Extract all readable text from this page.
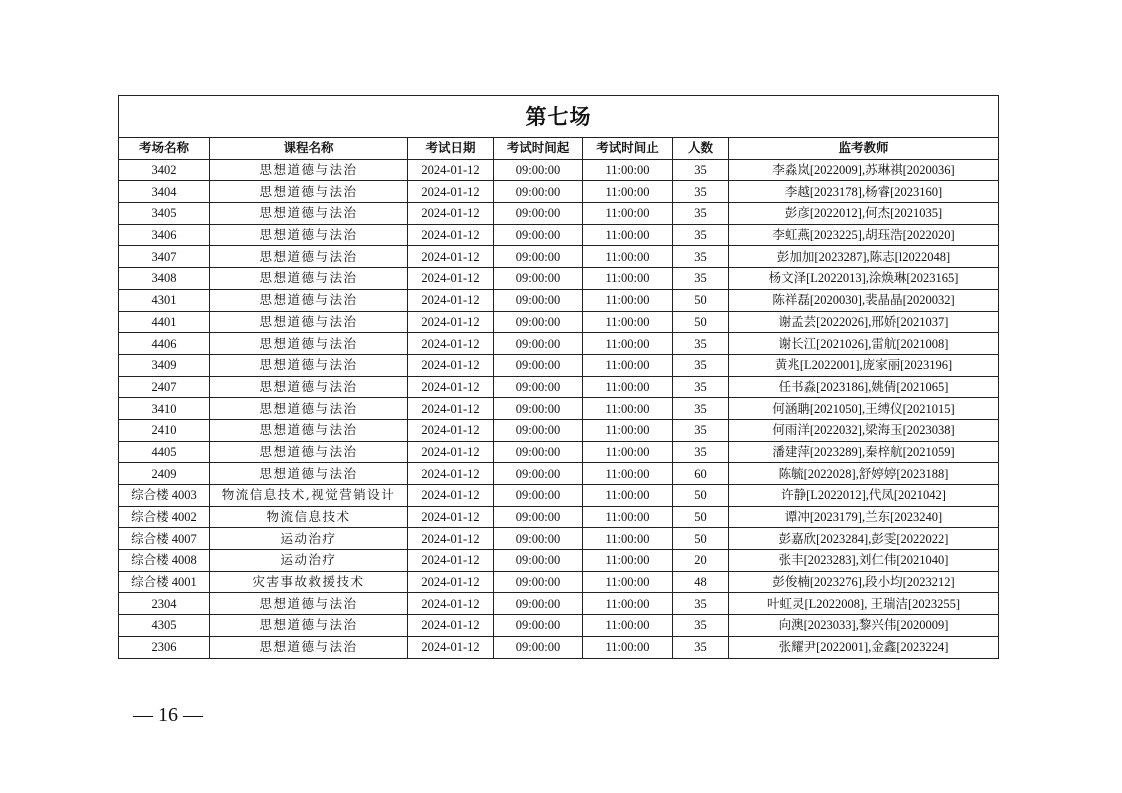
第七场						
考场名称	课程名称	考试日期	考试时间起	考试时间止	人数	监考教师
3402	思想道德与法治	2024-01-12	09:00:00	11:00:00	35	李淼岚[2022009],苏琳祺[2020036]
3404	思想道德与法治	2024-01-12	09:00:00	11:00:00	35	李越[2023178],杨睿[2023160]
3405	思想道德与法治	2024-01-12	09:00:00	11:00:00	35	彭彦[2022012],何杰[2021035]
3406	思想道德与法治	2024-01-12	09:00:00	11:00:00	35	李虹燕[2023225],胡珏浩[2022020]
3407	思想道德与法治	2024-01-12	09:00:00	11:00:00	35	彭加加[2023287],陈志[l2022048]
3408	思想道德与法治	2024-01-12	09:00:00	11:00:00	35	杨文泽[L2022013],涂焕琳[2023165]
4301	思想道德与法治	2024-01-12	09:00:00	11:00:00	50	陈祥磊[2020030],裴晶晶[2020032]
4401	思想道德与法治	2024-01-12	09:00:00	11:00:00	50	谢孟芸[2022026],邢娇[2021037]
4406	思想道德与法治	2024-01-12	09:00:00	11:00:00	35	谢长江[2021026],雷航[2021008]
3409	思想道德与法治	2024-01-12	09:00:00	11:00:00	35	黄兆[L2022001],庞家丽[2023196]
2407	思想道德与法治	2024-01-12	09:00:00	11:00:00	35	任书淼[2023186],姚倩[2021065]
3410	思想道德与法治	2024-01-12	09:00:00	11:00:00	35	何涵聃[2021050],王缚仪[2021015]
2410	思想道德与法治	2024-01-12	09:00:00	11:00:00	35	何雨洋[2022032],梁海玉[2023038]
4405	思想道德与法治	2024-01-12	09:00:00	11:00:00	35	潘建萍[2023289],秦梓航[2021059]
2409	思想道德与法治	2024-01-12	09:00:00	11:00:00	60	陈毓[2022028],舒婷婷[2023188]
综合楼 4003	物流信息技术,视觉营销设计	2024-01-12	09:00:00	11:00:00	50	许静[L2022012],代凤[2021042]
综合楼 4002	物流信息技术	2024-01-12	09:00:00	11:00:00	50	谭冲[2023179],兰东[2023240]
综合楼 4007	运动治疗	2024-01-12	09:00:00	11:00:00	50	彭嘉欣[2023284],彭雯[2022022]
综合楼 4008	运动治疗	2024-01-12	09:00:00	11:00:00	20	张丰[2023283],刘仁伟[2021040]
综合楼 4001	灾害事故救援技术	2024-01-12	09:00:00	11:00:00	48	彭俊楠[2023276],段小均[2023212]
2304	思想道德与法治	2024-01-12	09:00:00	11:00:00	35	叶虹灵[L2022008], 王瑞洁[2023255]
4305	思想道德与法治	2024-01-12	09:00:00	11:00:00	35	向澳[2023033],黎兴伟[2020009]
2306	思想道德与法治	2024-01-12	09:00:00	11:00:00	35	张耀尹[2022001],金鑫[2023224]
— 16 —
